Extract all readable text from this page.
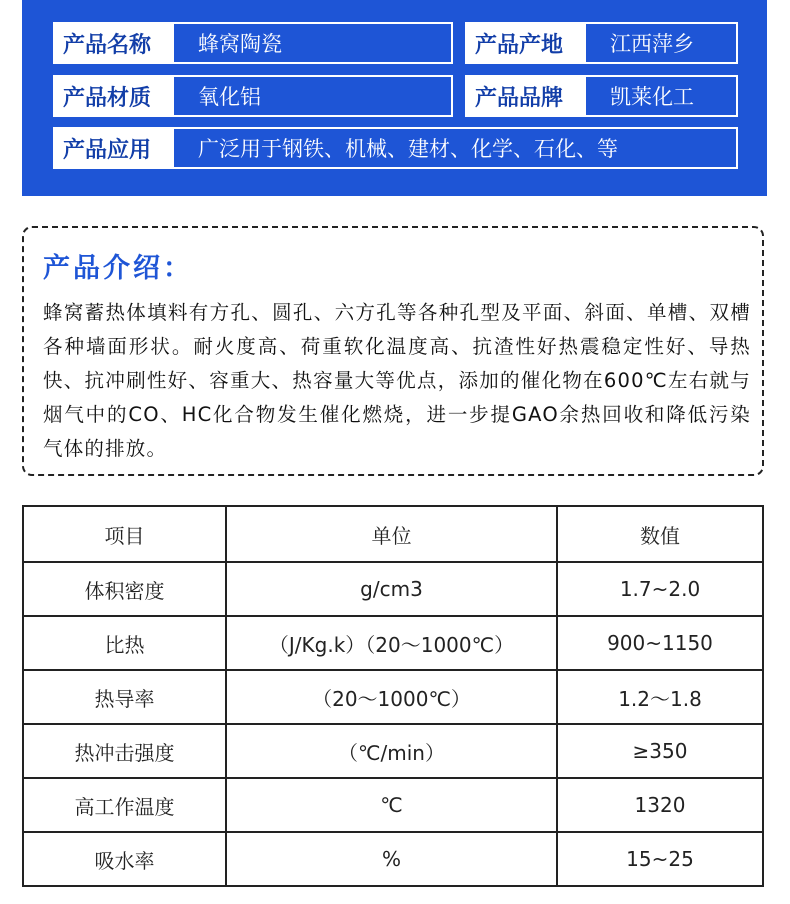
产品名称	蜂窝陶瓷	产品产地	江西萍乡
产品材质	氧化铝	产品品牌	凯莱化工
产品应用	广泛用于钢铁、机械、建材、化学、石化、等
产品介绍：
蜂窝蓄热体填料有方孔、圆孔、六方孔等各种孔型及平面、斜面、单槽、双槽各种墙面形状。耐火度高、荷重软化温度高、抗渣性好热震稳定性好、导热快、抗冲刷性好、容重大、热容量大等优点，添加的催化物在600℃左右就与烟气中的CO、HC化合物发生催化燃烧，进一步提GAO余热回收和降低污染气体的排放。
项目	单位	数值
体积密度	g/cm3	1.7~2.0
比热	（J/Kg.k）（20～1000℃）	900~1150
热导率	（20～1000℃）	1.2～1.8
热冲击强度	（℃/min）	≥350
高工作温度	℃	1320
吸水率	%	15~25
